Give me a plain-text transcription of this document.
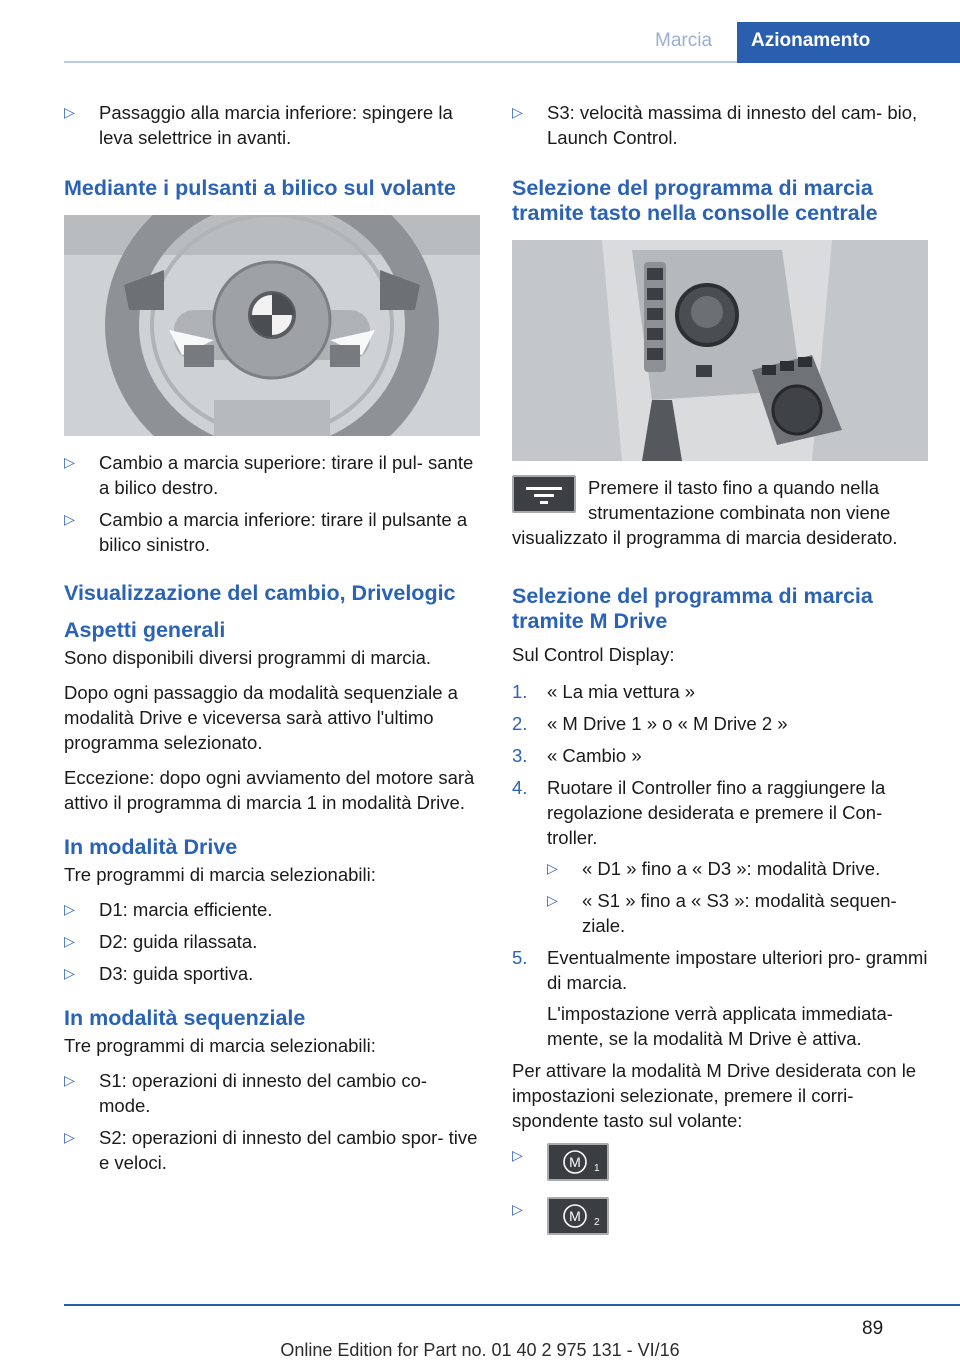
Marcia	Azionamento
▷ Passaggio alla marcia inferiore: spingere la leva selettrice in avanti.
Mediante i pulsanti a bilico sul volante
▷ Cambio a marcia superiore: tirare il pul‐ sante a bilico destro.
▷ Cambio a marcia inferiore: tirare il pulsante a bilico sinistro.
Visualizzazione del cambio, Drivelogic
Aspetti generali

Sono disponibili diversi programmi di marcia.

Dopo ogni passaggio da modalità sequenziale a modalità Drive e viceversa sarà attivo l'ultimo programma selezionato.

Eccezione: dopo ogni avviamento del motore sarà attivo il programma di marcia 1 in modalità Drive.

In modalità Drive

Tre programmi di marcia selezionabili:

▷ D1: marcia efficiente.
▷ D2: guida rilassata.
▷ D3: guida sportiva.
In modalità sequenziale

Tre programmi di marcia selezionabili:

▷ S1: operazioni di innesto del cambio co‐ mode.
▷ S2: operazioni di innesto del cambio spor‐ tive e veloci.
▷ S3: velocità massima di innesto del cam‐ bio, Launch Control.
Selezione del programma di marcia tramite tasto nella consolle centrale
Premere il tasto fino a quando nella strumentazione combinata non viene visualizzato il programma di marcia desiderato.
Selezione del programma di marcia tramite M Drive

Sul Control Display:

1. « La mia vettura »
2. « M Drive 1 » o « M Drive 2 »
3. « Cambio »
4. Ruotare il Controller fino a raggiungere la regolazione desiderata e premere il Con‐ troller.
▷ « D1 » fino a « D3 »: modalità Drive.
▷ « S1 » fino a « S3 »: modalità sequen‐ ziale.
5. Eventualmente impostare ulteriori pro‐ grammi di marcia.

L'impostazione verrà applicata immediata‐ mente, se la modalità M Drive è attiva.

Per attivare la modalità M Drive desiderata con le impostazioni selezionate, premere il corri‐ spondente tasto sul volante:

▷	M 1
▷	M 2
89
Online Edition for Part no. 01 40 2 975 131 - VI/16
